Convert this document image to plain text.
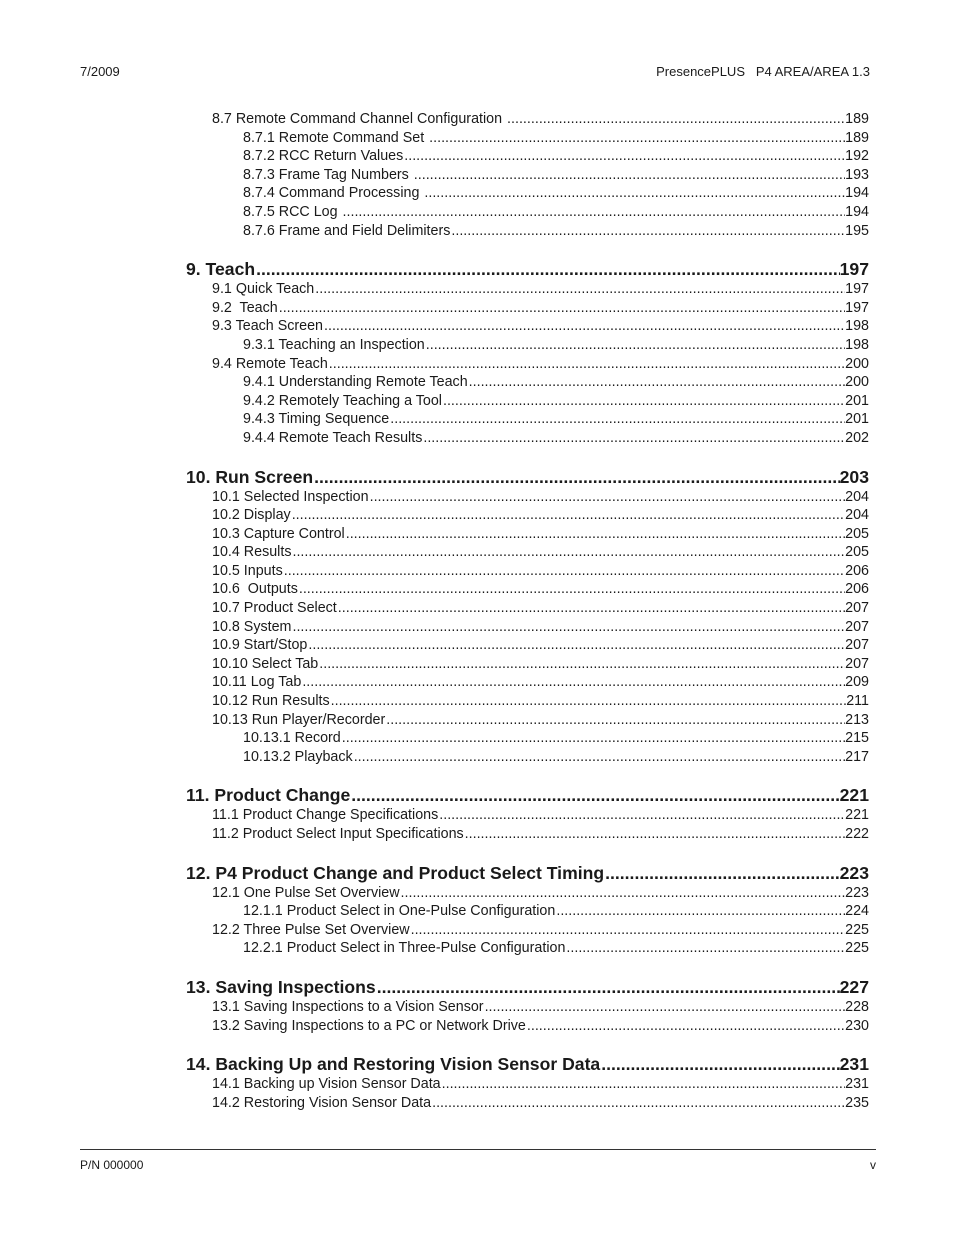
7/2009	PresencePLUS   P4 AREA/AREA 1.3
8.7 Remote Command Channel Configuration .....	189
8.7.1 Remote Command Set .....	189
8.7.2 RCC Return Values .....	192
8.7.3 Frame Tag Numbers .....	193
8.7.4 Command Processing .....	194
8.7.5 RCC Log .....	194
8.7.6 Frame and Field Delimiters .....	195
9. Teach .....	197
9.1 Quick Teach .....	197
9.2  Teach .....	197
9.3 Teach Screen .....	198
9.3.1 Teaching an Inspection .....	198
9.4 Remote Teach .....	200
9.4.1 Understanding Remote Teach .....	200
9.4.2 Remotely Teaching a Tool .....	201
9.4.3 Timing Sequence .....	201
9.4.4 Remote Teach Results .....	202
10. Run Screen .....	203
10.1 Selected Inspection .....	204
10.2 Display .....	204
10.3 Capture Control .....	205
10.4 Results .....	205
10.5 Inputs .....	206
10.6  Outputs .....	206
10.7 Product Select .....	207
10.8 System .....	207
10.9 Start/Stop .....	207
10.10 Select Tab .....	207
10.11 Log Tab .....	209
10.12 Run Results .....	211
10.13 Run Player/Recorder .....	213
10.13.1 Record .....	215
10.13.2 Playback .....	217
11. Product Change .....	221
11.1 Product Change Specifications .....	221
11.2 Product Select Input Specifications .....	222
12. P4 Product Change and Product Select Timing .....	223
12.1 One Pulse Set Overview .....	223
12.1.1 Product Select in One-Pulse Configuration .....	224
12.2 Three Pulse Set Overview .....	225
12.2.1 Product Select in Three-Pulse Configuration .....	225
13. Saving Inspections .....	227
13.1 Saving Inspections to a Vision Sensor .....	228
13.2 Saving Inspections to a PC or Network Drive .....	230
14. Backing Up and Restoring Vision Sensor Data .....	231
14.1 Backing up Vision Sensor Data .....	231
14.2 Restoring Vision Sensor Data .....	235
P/N 000000	v
